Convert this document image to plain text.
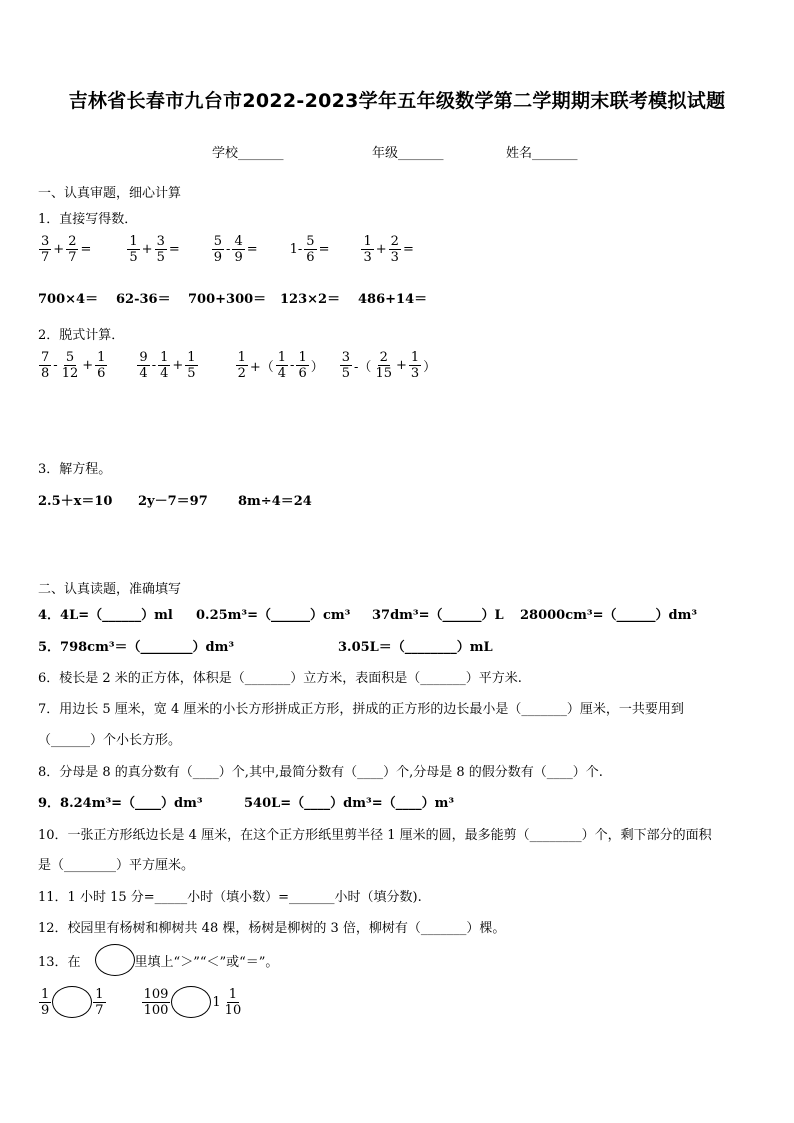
吉林省长春市九台市2022-2023学年五年级数学第二学期期末联考模拟试题
学校_______	年级_______	姓名_______
一、认真审题，细心计算
1．直接写得数．
$\frac{3}{7} + \frac{2}{7}$ =	$\frac{1}{5} + \frac{3}{5} = \frac{5}{9} - \frac{4}{9} = 1- \frac{5}{6} = \frac{1}{3} + \frac{2}{3}$ =
700×4＝ 62-36＝ 700+300＝ 123×2＝ 486+14＝
2．脱式计算．
$\frac{7}{8} - \frac{5}{12} + \frac{1}{6} \frac{9}{4} - \frac{1}{4} + \frac{1}{5}$	$\frac{1}{2}$ +（ $\frac{1}{4} - \frac{1}{6}$ ） $\frac{3}{5}$ -（ $\frac{2}{15} + \frac{1}{3}$ ）
3．解方程。
2.5＋x＝10 2y－7＝97 8m÷4＝24
二、认真读题，准确填写
4．4L=（______）ml 0.25m³=（______）cm³ 37dm³=（______）L 28000cm³=（______）dm³
5．798cm³＝（________）dm³	3.05L＝（________）mL
6．棱长是 2 米的正方体，体积是（_______）立方米，表面积是（_______）平方米.
7．用边长 5 厘米，宽 4 厘米的小长方形拼成正方形，拼成的正方形的边长最小是（_______）厘米，一共要用到
（______）个小长方形。
8．分母是 8 的真分数有（____）个,其中,最简分数有（____）个,分母是 8 的假分数有（____）个.
9．8.24m³=（____）dm³	540L=（____）dm³=（____）m³
10．一张正方形纸边长是 4 厘米，在这个正方形纸里剪半径 1 厘米的圆，最多能剪（________）个，剩下部分的面积
是（________）平方厘米。
11．1 小时 15 分=_____小时（填小数）=_______小时（填分数).
12．校园里有杨树和柳树共 48 棵，杨树是柳树的 3 倍，柳树有（_______）棵。
13．在	里填上“＞”“＜”或“＝”。
$\frac{1}{9}$	$\frac{1}{7}$	$\frac{109}{100}$	$1 \frac{1}{10}$
